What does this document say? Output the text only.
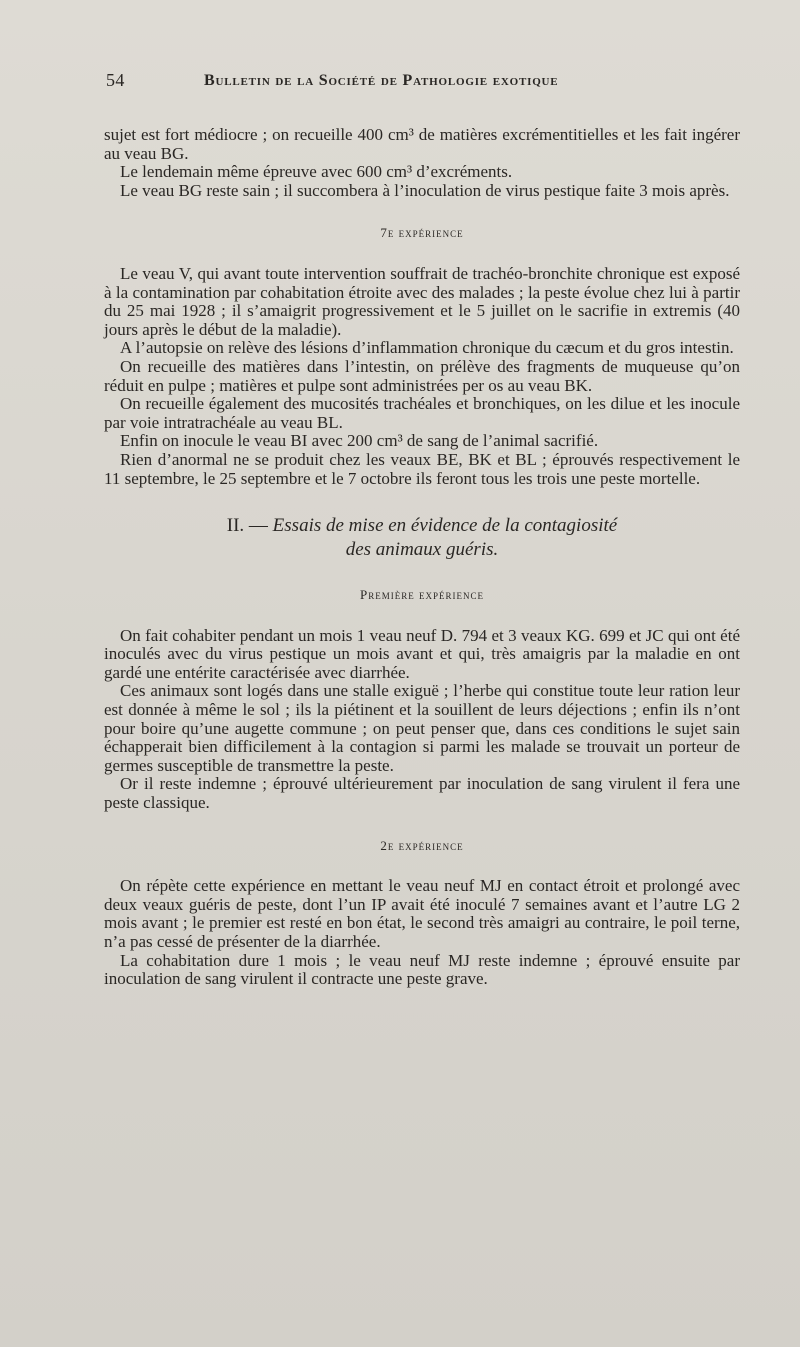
54	Bulletin de la Société de Pathologie exotique

sujet est fort médiocre ; on recueille 400 cm³ de matières excrémentitielles et les fait ingérer au veau BG.

Le lendemain même épreuve avec 600 cm³ d’excréments.

Le veau BG reste sain ; il succombera à l’inoculation de virus pestique faite 3 mois après.

7e expérience

Le veau V, qui avant toute intervention souffrait de trachéo-bronchite chronique est exposé à la contamination par cohabitation étroite avec des malades ; la peste évolue chez lui à partir du 25 mai 1928 ; il s’amaigrit progressivement et le 5 juillet on le sacrifie in extremis (40 jours après le début de la maladie).

A l’autopsie on relève des lésions d’inflammation chronique du cæcum et du gros intestin.

On recueille des matières dans l’intestin, on prélève des fragments de muqueuse qu’on réduit en pulpe ; matières et pulpe sont administrées per os au veau BK.

On recueille également des mucosités trachéales et bronchiques, on les dilue et les inocule par voie intratrachéale au veau BL.

Enfin on inocule le veau BI avec 200 cm³ de sang de l’animal sacrifié.

Rien d’anormal ne se produit chez les veaux BE, BK et BL ; éprouvés respectivement le 11 septembre, le 25 septembre et le 7 octobre ils feront tous les trois une peste mortelle.

II. — Essais de mise en évidence de la contagiosité
des animaux guéris.
Première expérience

On fait cohabiter pendant un mois 1 veau neuf D. 794 et 3 veaux KG. 699 et JC qui ont été inoculés avec du virus pestique un mois avant et qui, très amaigris par la maladie en ont gardé une entérite caractérisée avec diarrhée.

Ces animaux sont logés dans une stalle exiguë ; l’herbe qui constitue toute leur ration leur est donnée à même le sol ; ils la piétinent et la souillent de leurs déjections ; enfin ils n’ont pour boire qu’une augette commune ; on peut penser que, dans ces conditions le sujet sain échapperait bien difficilement à la contagion si parmi les malade se trouvait un porteur de germes susceptible de transmettre la peste.

Or il reste indemne ; éprouvé ultérieurement par inoculation de sang virulent il fera une peste classique.

2e expérience

On répète cette expérience en mettant le veau neuf MJ en contact étroit et prolongé avec deux veaux guéris de peste, dont l’un IP avait été inoculé 7 semaines avant et l’autre LG 2 mois avant ; le premier est resté en bon état, le second très amaigri au contraire, le poil terne, n’a pas cessé de présenter de la diarrhée.

La cohabitation dure 1 mois ; le veau neuf MJ reste indemne ; éprouvé ensuite par inoculation de sang virulent il contracte une peste grave.
